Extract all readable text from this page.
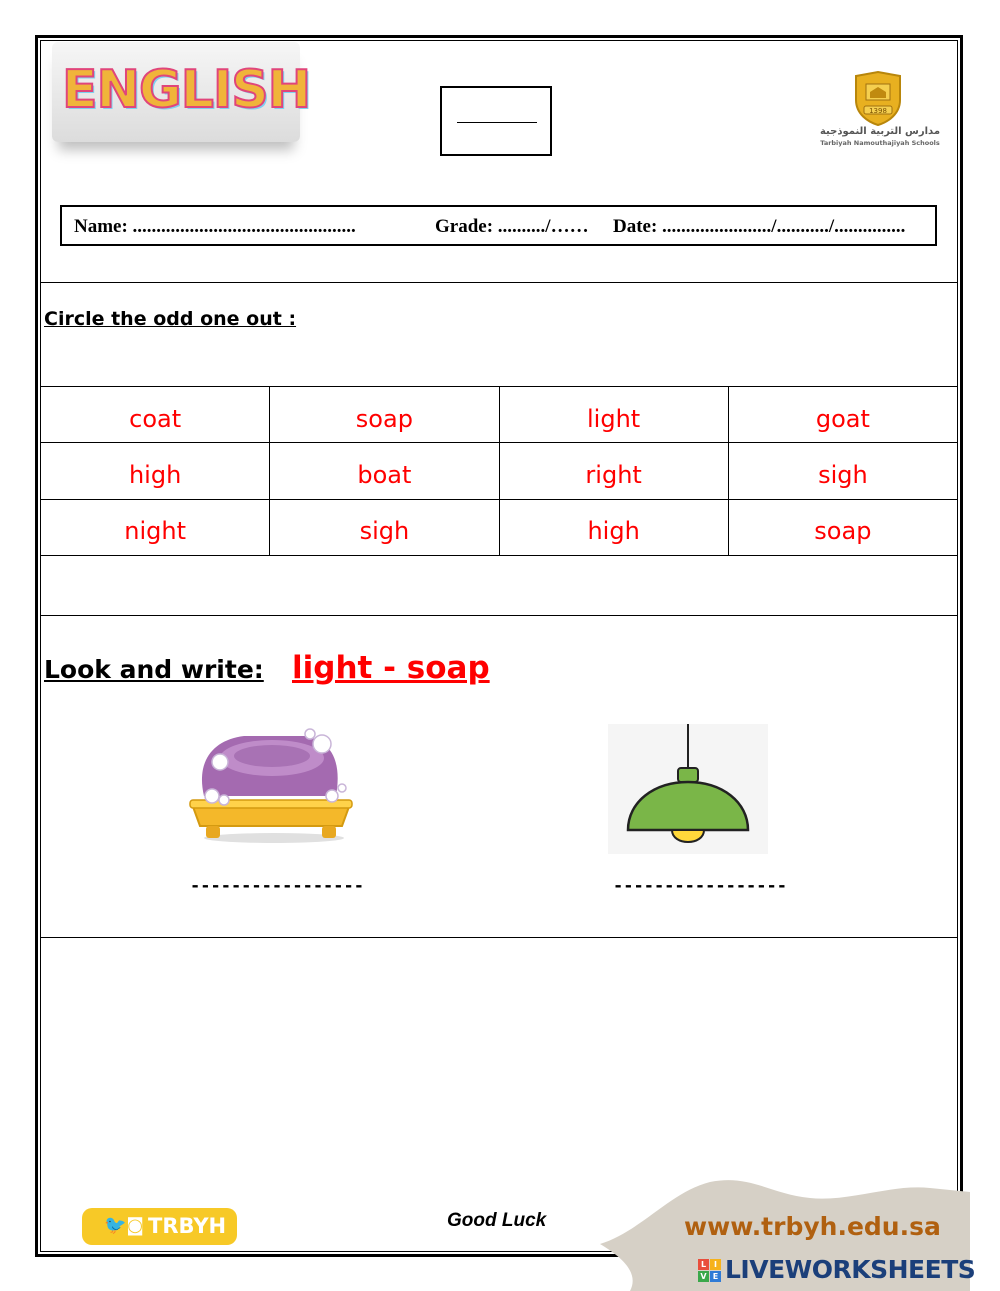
ENGLISH	1398
مدارس التربية النموذجية
Tarbiyah Namouthajiyah Schools
Name: ...............................................	Grade: ........../…… Date: ......................./.........../...............
Circle the odd one out :
coat	soap	light	goat
high	boat	right	sigh
night	sigh	high	soap
Look and write: light - soap
-----------------	-----------------
🐦◙ TRBYH	Good Luck	www.trbyh.edu.sa
L I
V E LIVEWORKSHEETS
